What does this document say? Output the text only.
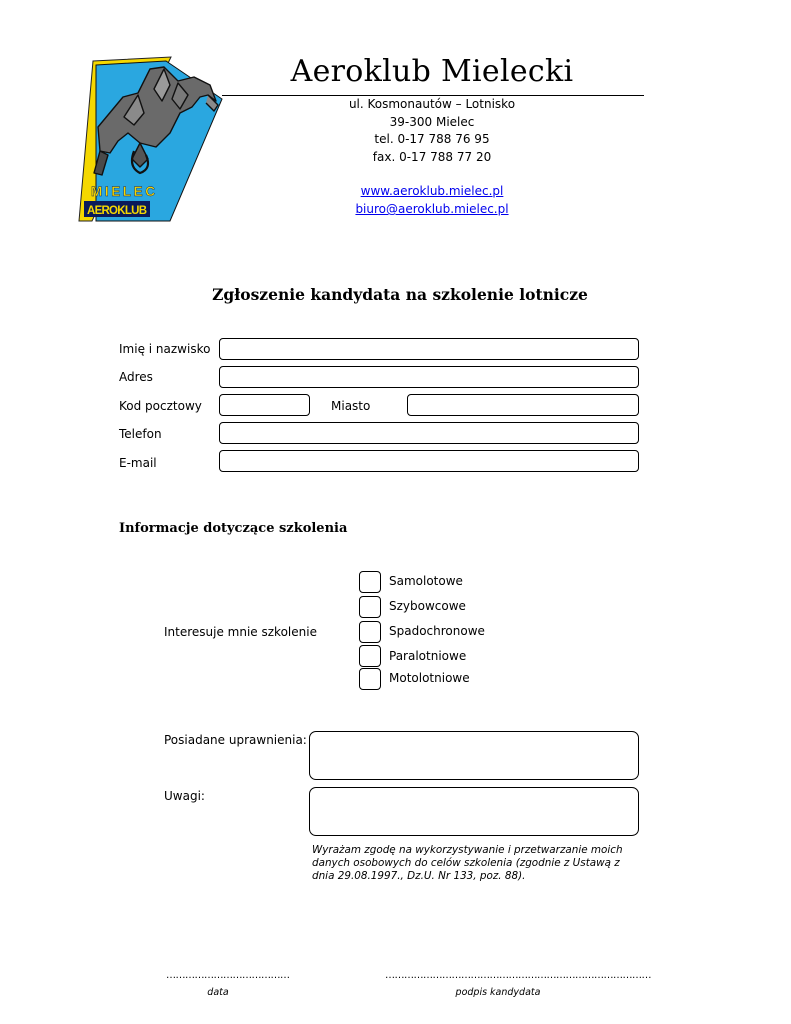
MIELEC
AEROKLUB
Aeroklub Mielecki
ul. Kosmonautów – Lotnisko
39-300 Mielec
tel. 0-17 788 76 95
fax. 0-17 788 77 20
www.aeroklub.mielec.pl
biuro@aeroklub.mielec.pl
Zgłoszenie kandydata na szkolenie lotnicze
Imię i nazwisko
Adres
Kod pocztowy	Miasto
Telefon
E-mail
Informacje dotyczące szkolenia
Interesuje mnie szkolenie
Samolotowe
Szybowcowe
Spadochronowe
Paralotniowe
Motolotniowe
Posiadane uprawnienia:
Uwagi:
Wyrażam zgodę na wykorzystywanie i przetwarzanie moich danych osobowych do celów szkolenia (zgodnie z Ustawą z dnia 29.08.1997., Dz.U. Nr 133, poz. 88).
…………………………………
data
…………………………………………………………………………
podpis kandydata
